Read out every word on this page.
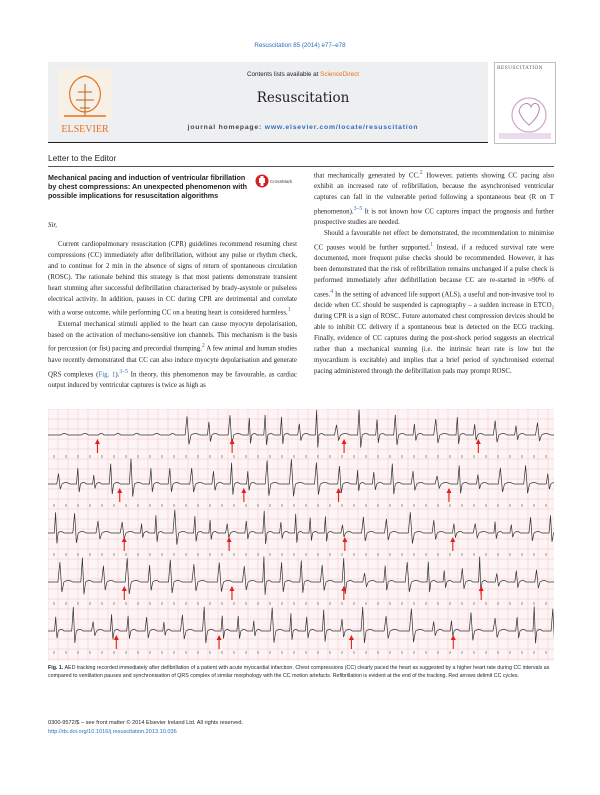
Resuscitation 85 (2014) e77–e78
ELSEVIER
Contents lists available at ScienceDirect
Resuscitation
journal homepage: www.elsevier.com/locate/resuscitation
RESUSCITATION
Letter to the Editor
Mechanical pacing and induction of ventricular fibrillation by chest compressions: An unexpected phenomenon with possible implications for resuscitation algorithms
CrossMark
Sir,

Current cardiopulmonary resuscitation (CPR) guidelines recommend resuming chest compressions (CC) immediately after defibrillation, without any pulse or rhythm check, and to continue for 2 min in the absence of signs of return of spontaneous circulation (ROSC). The rationale behind this strategy is that most patients demonstrate transient heart stunning after successful defibrillation characterised by brady-asystole or pulseless electrical activity. In addition, pauses in CC during CPR are detrimental and correlate with a worse outcome, while performing CC on a beating heart is considered harmless.$^1$

External mechanical stimuli applied to the heart can cause myocyte depolarisation, based on the activation of mechano-sensitive ion channels. This mechanism is the basis for percussion (or fist) pacing and precordial thumping.$^2$ A few animal and human studies have recently demonstrated that CC can also induce myocyte depolarisation and generate QRS complexes (Fig. 1).$^{3-5}$ In theory, this phenomenon may be favourable, as cardiac output induced by ventricular captures is twice as high as

that mechanically generated by CC.$^2$ However, patients showing CC pacing also exhibit an increased rate of refibrillation, because the asynchronised ventricular captures can fall in the vulnerable period following a spontaneous beat (R on T phenomenon).$^{3-5}$ It is not known how CC captures impact the prognosis and further prospective studies are needed.

Should a favourable net effect be demonstrated, the recommendation to minimise CC pauses would be further supported.$^1$ Instead, if a reduced survival rate were documented, more frequent pulse checks should be recommended. However, it has been demonstrated that the risk of refibrillation remains unchanged if a pulse check is performed immediately after defibrillation because CC are re-started in ≈90% of cases.$^4$ In the setting of advanced life support (ALS), a useful and non-invasive tool to decide when CC should be suspended is capnography – a sudden increase in ETCO₂ during CPR is a sign of ROSC. Future automated chest compression devices should be able to inhibit CC delivery if a spontaneous beat is detected on the ECG tracking. Finally, evidence of CC captures during the post-shock period suggests an electrical rather than a mechanical stunning (i.e. the intrinsic heart rate is low but the myocardium is excitable) and implies that a brief period of synchronised external pacing administered through the defibrillation pads may prompt ROSC.

Fig. 1. AED tracking recorded immediately after defibrillation of a patient with acute myocardial infarction. Chest compressions (CC) clearly paced the heart as suggested by a higher heart rate during CC intervals as compared to ventilation pauses and synchronisation of QRS complex of similar morphology with the CC motion artefacts. Refibrillation is evident at the end of the tracking. Red arrows delimit CC cycles.
0300-9572/$ – see front matter © 2014 Elsevier Ireland Ltd. All rights reserved.
http://dx.doi.org/10.1016/j.resuscitation.2013.10.036
